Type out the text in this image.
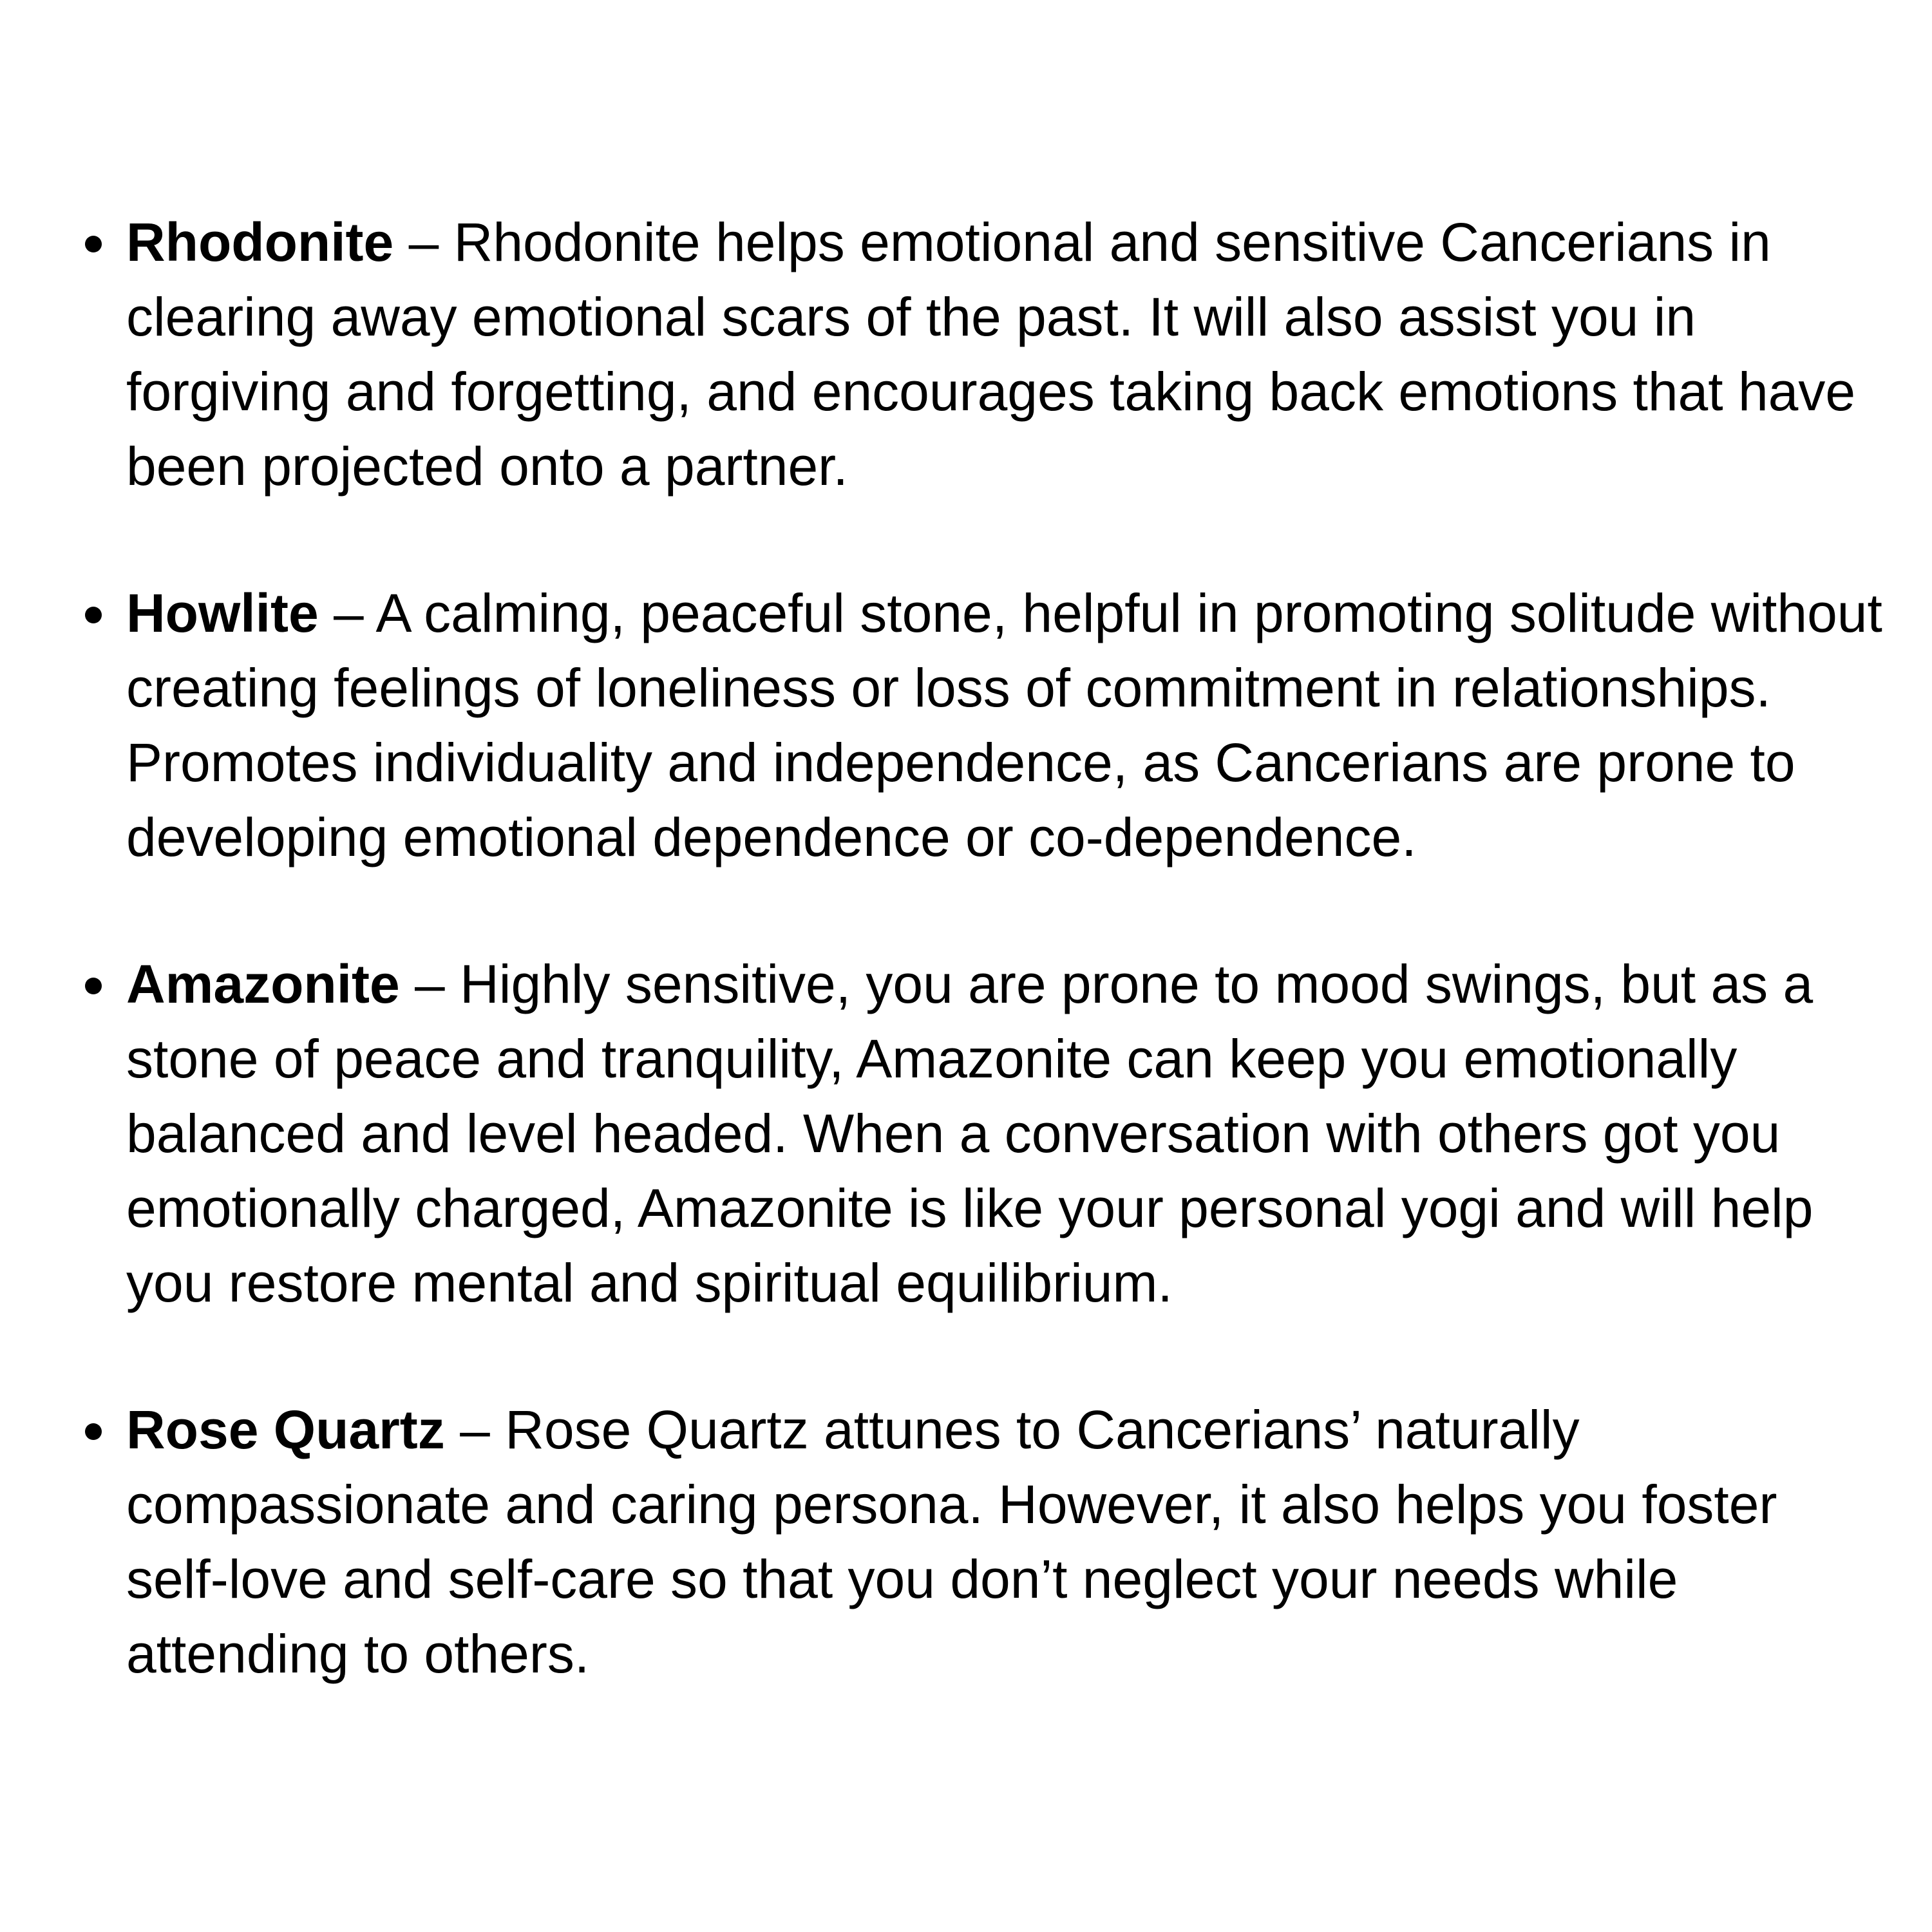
Rhodonite – Rhodonite helps emotional and sensitive Cancerians in clearing away emotional scars of the past. It will also assist you in forgiving and forgetting, and encourages taking back emotions that have been projected onto a partner.
Howlite – A calming, peaceful stone, helpful in promoting solitude without creating feelings of loneliness or loss of commitment in relationships. Promotes individuality and independence, as Cancerians are prone to developing emotional dependence or co-dependence.
Amazonite – Highly sensitive, you are prone to mood swings, but as a stone of peace and tranquility, Amazonite can keep you emotionally balanced and level headed. When a conversation with others got you emotionally charged, Amazonite is like your personal yogi and will help you restore mental and spiritual equilibrium.
Rose Quartz – Rose Quartz attunes to Cancerians’ naturally compassionate and caring persona. However, it also helps you foster self-love and self-care so that you don’t neglect your needs while attending to others.
